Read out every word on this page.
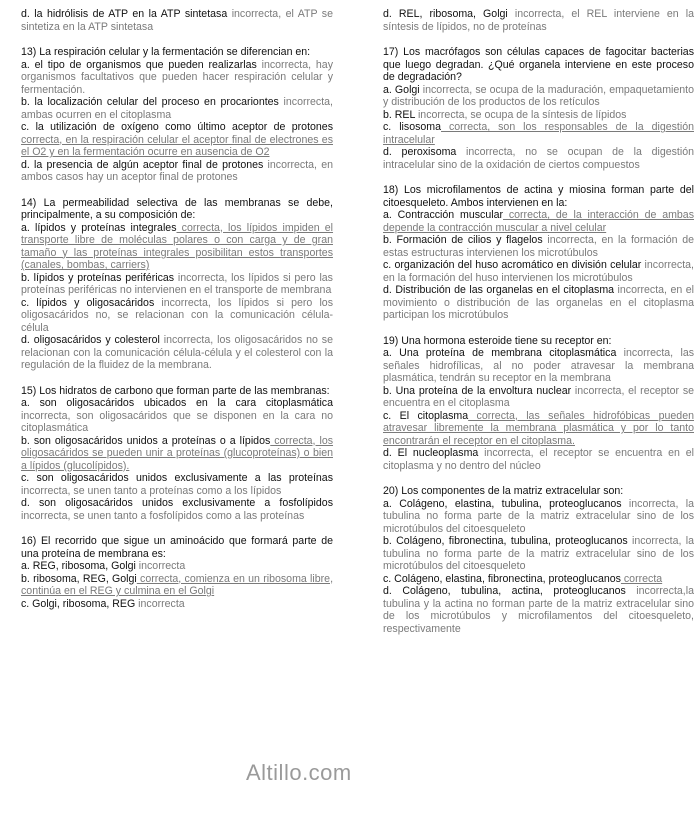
d. la hidrólisis de ATP en la ATP sintetasa incorrecta, el ATP se sintetiza en la ATP sintetasa

13) La respiración celular y la fermentación se diferencian en:

a. el tipo de organismos que pueden realizarlas incorrecta, hay organismos facultativos que pueden hacer respiración celular y fermentación.

b. la localización celular del proceso en procariontes incorrecta, ambas ocurren en el citoplasma

c. la utilización de oxígeno como último aceptor de protones correcta, en la respiración celular el aceptor final de electrones es el O2 y en la fermentación ocurre en ausencia de O2

d. la presencia de algún aceptor final de protones incorrecta, en ambos casos hay un aceptor final de protones

14) La permeabilidad selectiva de las membranas se debe, principalmente, a su composición de:

a. lípidos y proteínas integrales correcta, los lípidos impiden el transporte libre de moléculas polares o con carga y de gran tamaño y las proteínas integrales posibilitan estos transportes (canales, bombas, carriers)

b. lípidos y proteínas periféricas incorrecta, los lípidos si pero las proteínas periféricas no intervienen en el transporte de membrana

c. lípidos y oligosacáridos incorrecta, los lípidos si pero los oligosacáridos no, se relacionan con la comunicación célula-célula

d. oligosacáridos y colesterol incorrecta, los oligosacáridos no se relacionan con la comunicación célula-célula y el colesterol con la regulación de la fluidez de la membrana.

15) Los hidratos de carbono que forman parte de las membranas:

a. son oligosacáridos ubicados en la cara citoplasmática incorrecta, son oligosacáridos que se disponen en la cara no citoplasmática

b. son oligosacáridos unidos a proteínas o a lípidos correcta, los oligosacáridos se pueden unir a proteínas (glucoproteínas) o bien a lípidos (glucolípidos).

c. son oligosacáridos unidos exclusivamente a las proteínas incorrecta, se unen tanto a proteínas como a los lípidos

d. son oligosacáridos unidos exclusivamente a fosfolípidos incorrecta, se unen tanto a fosfolípidos como a las proteínas

16) El recorrido que sigue un aminoácido que formará parte de una proteína de membrana es:

a. REG, ribosoma, Golgi incorrecta

b. ribosoma, REG, Golgi correcta, comienza en un ribosoma libre, continúa en el REG y culmina en el Golgi

c. Golgi, ribosoma, REG incorrecta

d. REL, ribosoma, Golgi incorrecta, el REL interviene en la síntesis de lípidos, no de proteínas

17) Los macrófagos son células capaces de fagocitar bacterias que luego degradan. ¿Qué organela interviene en este proceso de degradación?

a. Golgi incorrecta, se ocupa de la maduración, empaquetamiento y distribución de los productos de los retículos

b. REL incorrecta, se ocupa de la síntesis de lípidos

c. lisosoma correcta, son los responsables de la digestión intracelular

d. peroxisoma incorrecta, no se ocupan de la digestión intracelular sino de la oxidación de ciertos compuestos

18) Los microfilamentos de actina y miosina forman parte del citoesqueleto. Ambos intervienen en la:

a. Contracción muscular correcta, de la interacción de ambas depende la contracción muscular a nivel celular

b. Formación de cilios y flagelos incorrecta, en la formación de estas estructuras intervienen los microtúbulos

c. organización del huso acromático en división celular incorrecta, en la formación del huso intervienen los microtúbulos

d. Distribución de las organelas en el citoplasma incorrecta, en el movimiento o distribución de las organelas en el citoplasma participan los microtúbulos

19) Una hormona esteroide tiene su receptor en:

a. Una proteína de membrana citoplasmática incorrecta, las señales hidrofílicas, al no poder atravesar la membrana plasmática, tendrán su receptor en la membrana

b. Una proteína de la envoltura nuclear incorrecta, el receptor se encuentra en el citoplasma

c. El citoplasma correcta, las señales hidrofóbicas pueden atravesar libremente la membrana plasmática y por lo tanto encontrarán el receptor en el citoplasma.

d. El nucleoplasma incorrecta, el receptor se encuentra en el citoplasma y no dentro del núcleo

20) Los componentes de la matriz extracelular son:

a. Colágeno, elastina, tubulina, proteoglucanos incorrecta, la tubulina no forma parte de la matriz extracelular sino de los microtúbulos del citoesqueleto

b. Colágeno, fibronectina, tubulina, proteoglucanos incorrecta, la tubulina no forma parte de la matriz extracelular sino de los microtúbulos del citoesqueleto

c. Colágeno, elastina, fibronectina, proteoglucanos correcta

d. Colágeno, tubulina, actina, proteoglucanos incorrecta,la tubulina y la actina no forman parte de la matriz extracelular sino de los microtúbulos y microfilamentos del citoesqueleto, respectivamente

Altillo.com
